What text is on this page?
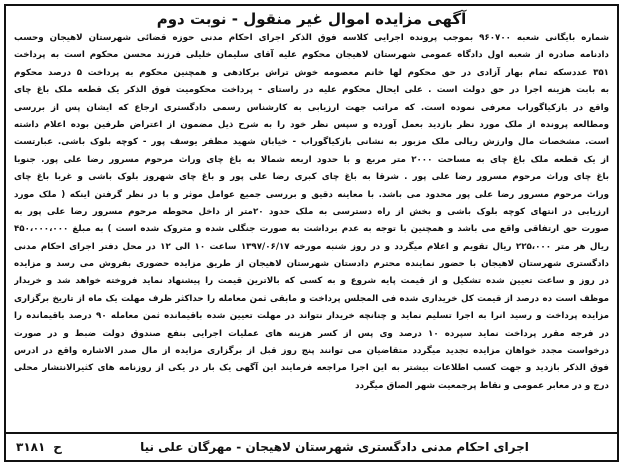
آگهی مزایده اموال غیر منقول - نوبت دوم
شماره بایگانی شعبه ۹۶۰۷۰۰ بموجب پرونده اجرایی کلاسه فوق الذکر اجرای احکام مدنی حوزه قضائی شهرستان لاهیجان وحسب
دادنامه صادره از شعبه اول دادگاه عمومی شهرستان لاهیجان محکوم علیه آقای سلیمان خلیلی فرزند محسن محکوم است به پرداخت
۳۵۱ عددسکه تمام بهار آزادی در حق محکوم لها خانم معصومه خوش تراش برکادهی و همچنین محکوم به پرداخت ۵ درصد محکوم
به بابت هزینه اجرا در حق دولت است . علی ایحال محکوم علیه در راستای - پرداخت محکومیت فوق الذکر یک قطعه ملک باغ چای
واقع در بازکیاگوراب معرفی نموده است. که مراتب جهت ارزیابی به کارشناس رسمی دادگستری ارجاع که ایشان پس از بررسی
ومطالعه پرونده از ملک مورد نظر بازدید بعمل آورده و سپس نظر خود را به شرح ذیل مضمون از اعتراض طرفین بوده اعلام داشته
است. مشخصات مال وارزش ریالی ملک مزبور به نشانی بازکیاگوراب - خیابان شهید مظفر یوسف پور - کوچه بلوک باشی. عبارتست
از یک قطعه ملک باغ چای به مساحت ۲۰۰۰ متر مربع و با حدود اربعه شمالا به باغ چای وراث مرحوم مسرور رضا علی پور. جنوبا
باغ چای وراث مرحوم مسرور رضا علی پور . شرقا به باغ چای کبری رضا علی پور و باغ چای شهروز بلوک باشی و غربا باغ چای
وراث مرحوم مسرور رضا علی پور محدود می باشد. با معاینه دقیق و بررسی جمیع عوامل موثر و با در نظر گرفتن اینکه ( ملک مورد
ارزیابی در انتهای کوچه بلوک باشی و بخش از راه دسترسی به ملک حدود ۲۰متر از داخل محوطه مرحوم مسرور رضا علی پور به
صورت حق ارتفاقی واقع می باشد و همچنین با توجه به عدم برداشت به صورت جنگلی شده و متروک شده است ) به مبلغ ۴۵۰،۰۰۰،۰۰۰
ریال هر متر ۲۲۵،۰۰۰ ریال تقویم و اعلام میگردد و در روز شنبه مورخه ۱۳۹۷/۰۶/۱۷ ساعت ۱۰ الی ۱۲ در محل دفتر اجرای احکام مدنی
دادگستری شهرستان لاهیجان با حضور نماینده محترم دادستان شهرستان لاهیجان از طریق مزایده حضوری بفروش می رسد و مزایده
در روز و ساعت تعیین شده تشکیل و از قیمت پایه شروع و به کسی که بالاترین قیمت را پیشنهاد نماید فروخته خواهد شد و خریدار
موظف است ده درصد از قیمت کل خریداری شده فی المجلس پرداخت و مابقی ثمن معامله را حداکثر ظرف مهلت یک ماه از تاریخ برگزاری
مزایده پرداخت و رسید انرا به اجرا تسلیم نماید و چنانچه خریدار نتواند در مهلت تعیین شده باقیمانده ثمن معامله ۹۰ درصد باقیمانده را
در فرجه مقرر پرداخت نماید سپرده ۱۰ درصد وی پس از کسر هزینه های عملیات اجرایی بنفع صندوق دولت ضبط و در صورت
درخواست مجدد خواهان مزایده تجدید میگردد متقاضیان می توانند پنج روز قبل از برگزاری مزایده از مال صدر الاشاره واقع در ادرس
فوق الذکر بازدید و جهت کسب اطلاعات بیشتر به این اجرا مراجعه فرمایند این آگهی یک بار در یکی از روزنامه های کثیرالانتشار محلی
درج و در معابر عمومی و نقاط پرجمعیت شهر الصاق میگردد
اجرای احکام مدنی دادگستری شهرستان لاهیجان - مهرگان علی نیا
۳۱۸۱ ح
